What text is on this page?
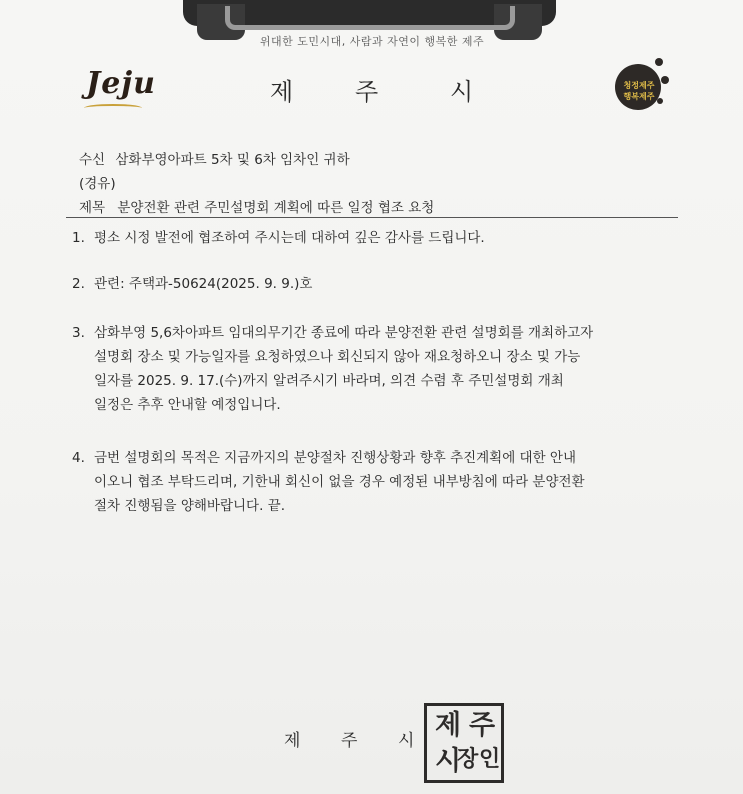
위대한 도민시대, 사람과 자연이 행복한 제주
Jeju	제 주	시	청정제주 행복제주
수신 삼화부영아파트 5차 및 6차 임차인 귀하
(경유)
제목 분양전환 관련 주민설명회 계획에 따른 일정 협조 요청
1. 평소 시정 발전에 협조하여 주시는데 대하여 깊은 감사를 드립니다.
2. 관련: 주택과-50624(2025. 9. 9.)호
3. 삼화부영 5,6차아파트 임대의무기간 종료에 따라 분양전환 관련 설명회를 개최하고자
설명회 장소 및 가능일자를 요청하였으나 회신되지 않아 재요청하오니 장소 및 가능
일자를 2025. 9. 17.(수)까지 알려주시기 바라며, 의견 수렴 후 주민설명회 개최
일정은 추후 안내할 예정입니다.
4. 금번 설명회의 목적은 지금까지의 분양절차 진행상황과 향후 추진계획에 대한 안내
이오니 협조 부탁드리며, 기한내 회신이 없을 경우 예정된 내부방침에 따라 분양전환
절차 진행됨을 양해바랍니다. 끝.
제 주 시 제 주
시
장 인
